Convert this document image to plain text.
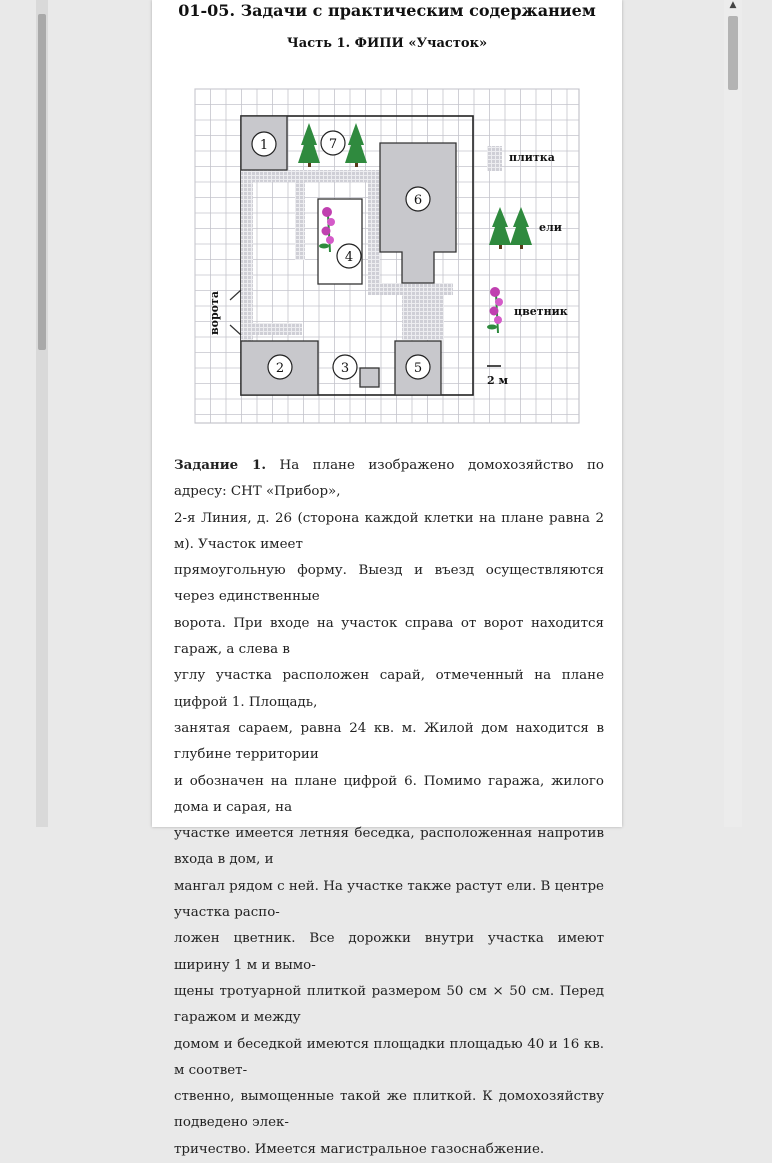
01-05. Задачи с практическим содержанием
Часть 1. ФИПИ «Участок»
ворота
1	7
6
4
2	3	5
плитка
ели
цветник
2 м
Задание 1. На плане изображено домохозяйство по адресу: СНТ «Прибор»,
2-я Линия, д. 26 (сторона каждой клетки на плане равна 2 м). Участок имеет
прямоугольную форму. Выезд и въезд осуществляются через единственные
ворота. При входе на участок справа от ворот находится гараж, а слева в
углу участка расположен сарай, отмеченный на плане цифрой 1. Площадь,
занятая сараем, равна 24 кв. м. Жилой дом находится в глубине территории
и обозначен на плане цифрой 6. Помимо гаража, жилого дома и сарая, на
участке имеется летняя беседка, расположенная напротив входа в дом, и
мангал рядом с ней. На участке также растут ели. В центре участка распо-
ложен цветник. Все дорожки внутри участка имеют ширину 1 м и вымо-
щены тротуарной плиткой размером 50 см × 50 см. Перед гаражом и между
домом и беседкой имеются площадки площадью 40 и 16 кв. м соответ-
ственно, вымощенные такой же плиткой. К домохозяйству подведено элек-
тричество. Имеется магистральное газоснабжение.
▲
